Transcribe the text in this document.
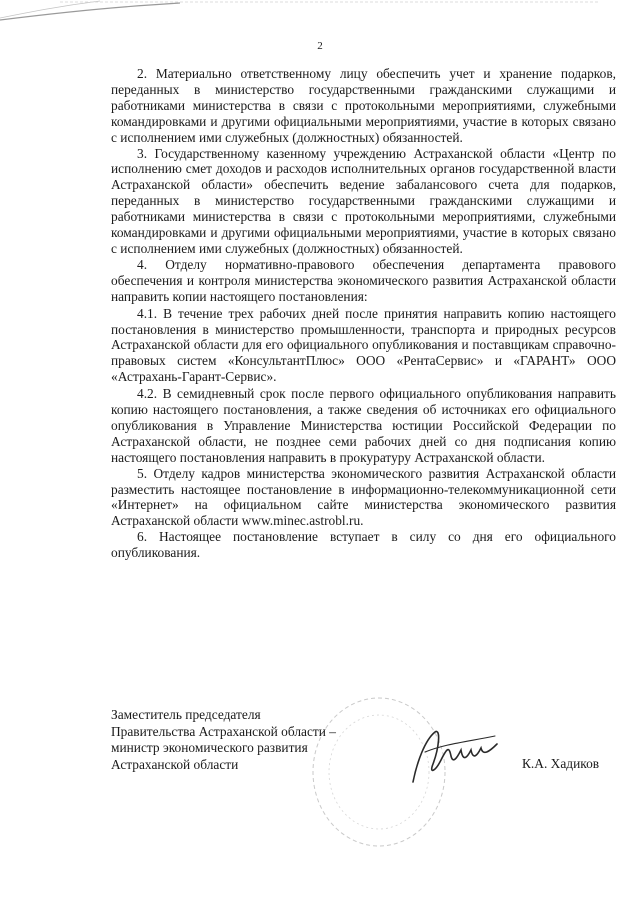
2

2. Материально ответственному лицу обеспечить учет и хранение подарков, переданных в министерство государственными гражданскими служащими и работниками министерства в связи с протокольными мероприятиями, служебными командировками и другими официальными мероприятиями, участие в которых связано с исполнением ими служебных (должностных) обязанностей.

3. Государственному казенному учреждению Астраханской области «Центр по исполнению смет доходов и расходов исполнительных органов государственной власти Астраханской области» обеспечить ведение забалансового счета для подарков, переданных в министерство государственными гражданскими служащими и работниками министерства в связи с протокольными мероприятиями, служебными командировками и другими официальными мероприятиями, участие в которых связано с исполнением ими служебных (должностных) обязанностей.

4. Отделу нормативно-правового обеспечения департамента правового обеспечения и контроля министерства экономического развития Астраханской области направить копии настоящего постановления:

4.1. В течение трех рабочих дней после принятия направить копию настоящего постановления в министерство промышленности, транспорта и природных ресурсов Астраханской области для его официального опубликования и поставщикам справочно-правовых систем «КонсультантПлюс» ООО «РентаСервис» и «ГАРАНТ» ООО «Астрахань-Гарант-Сервис».

4.2. В семидневный срок после первого официального опубликования направить копию настоящего постановления, а также сведения об источниках его официального опубликования в Управление Министерства юстиции Российской Федерации по Астраханской области, не позднее семи рабочих дней со дня подписания копию настоящего постановления направить в прокуратуру Астраханской области.

5. Отделу кадров министерства экономического развития Астраханской области разместить настоящее постановление в информационно-телекоммуникационной сети «Интернет» на официальном сайте министерства экономического развития Астраханской области www.minec.astrobl.ru.

6. Настоящее постановление вступает в силу со дня его официального опубликования.

Заместитель председателя
Правительства Астраханской области –
министр экономического развития
Астраханской области	К.А. Хадиков
